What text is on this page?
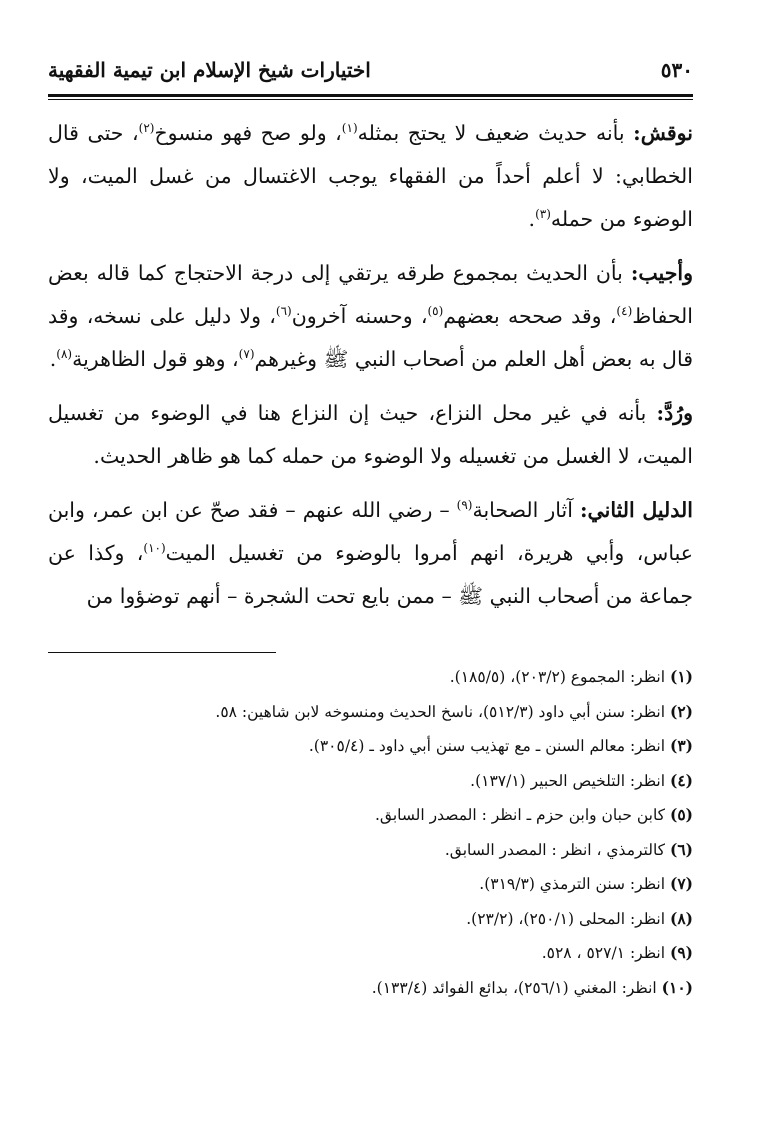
٥٣٠
اختيارات شيخ الإسلام ابن تيمية الفقهية

نوقش: بأنه حديث ضعيف لا يحتج بمثله$^{(١)}$، ولو صح فهو منسوخ$^{(٢)}$، حتى قال الخطابي: لا أعلم أحداً من الفقهاء يوجب الاغتسال من غسل الميت، ولا الوضوء من حمله$^{(٣)}$.

وأجيب: بأن الحديث بمجموع طرقه يرتقي إلى درجة الاحتجاج كما قاله بعض الحفاظ$^{(٤)}$، وقد صححه بعضهم$^{(٥)}$، وحسنه آخرون$^{(٦)}$، ولا دليل على نسخه، وقد قال به بعض أهل العلم من أصحاب النبي ﷺ وغيرهم$^{(٧)}$، وهو قول الظاهرية$^{(٨)}$.

ورُدَّ: بأنه في غير محل النزاع، حيث إن النزاع هنا في الوضوء من تغسيل الميت، لا الغسل من تغسيله ولا الوضوء من حمله كما هو ظاهر الحديث.

الدليل الثاني: آثار الصحابة$^{(٩)}$ – رضي الله عنهم – فقد صحّ عن ابن عمر، وابن عباس، وأبي هريرة، انهم أمروا بالوضوء من تغسيل الميت$^{(١٠)}$، وكذا عن جماعة من أصحاب النبي ﷺ – ممن بايع تحت الشجرة – أنهم توضؤوا من

(١) انظر: المجموع (٢٠٣/٢)، (١٨٥/٥).
(٢) انظر: سنن أبي داود (٥١٢/٣)، ناسخ الحديث ومنسوخه لابن شاهين: ٥٨.
(٣) انظر: معالم السنن ـ مع تهذيب سنن أبي داود ـ (٣٠٥/٤).
(٤) انظر: التلخيص الحبير (١٣٧/١).
(٥) كابن حبان وابن حزم ـ انظر : المصدر السابق.
(٦) كالترمذي ، انظر : المصدر السابق.
(٧) انظر: سنن الترمذي (٣١٩/٣).
(٨) انظر: المحلى (٢٥٠/١)، (٢٣/٢).
(٩) انظر: ٥٢٧/١ ، ٥٢٨.
(١٠) انظر: المغني (٢٥٦/١)، بدائع الفوائد (١٣٣/٤).
